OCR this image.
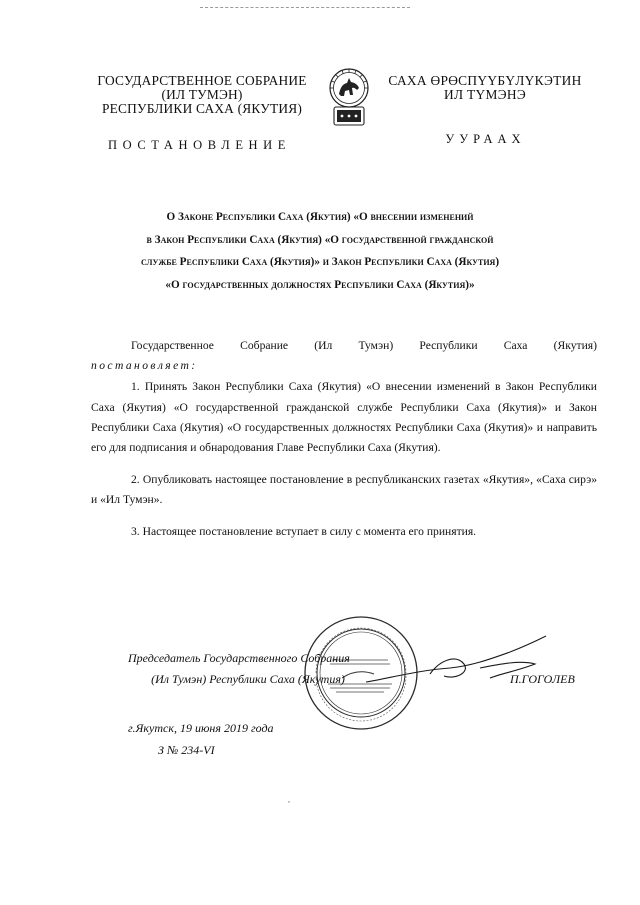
ГОСУДАРСТВЕННОЕ СОБРАНИЕ
(ИЛ ТУМЭН)
РЕСПУБЛИКИ САХА (ЯКУТИЯ)
ПОСТАНОВЛЕНИЕ
САХА ӨРӨСПҮҮБҮЛҮКЭТИН
ИЛ ТҮМЭНЭ
УУРААХ
О Законе Республики Саха (Якутия) «О внесении изменений
в Закон Республики Саха (Якутия) «О государственной гражданской
службе Республики Саха (Якутия)» и Закон Республики Саха (Якутия)
«О государственных должностях Республики Саха (Якутия)»

Государственное Собрание (Ил Тумэн) Республики Саха (Якутия)

постановляет:

1. Принять Закон Республики Саха (Якутия) «О внесении изменений в Закон Республики Саха (Якутия) «О государственной гражданской службе Республики Саха (Якутия)» и Закон Республики Саха (Якутия) «О государственных должностях Республики Саха (Якутия)» и направить его для подписания и обнародования Главе Республики Саха (Якутия).

2. Опубликовать настоящее постановление в республиканских газетах «Якутия», «Саха сирэ» и «Ил Тумэн».

3. Настоящее постановление вступает в силу с момента его принятия.

Председатель Государственного Собрания
(Ил Тумэн) Республики Саха (Якутия)	П.ГОГОЛЕВ
г.Якутск, 19 июня 2019 года
З № 234-VI
,
